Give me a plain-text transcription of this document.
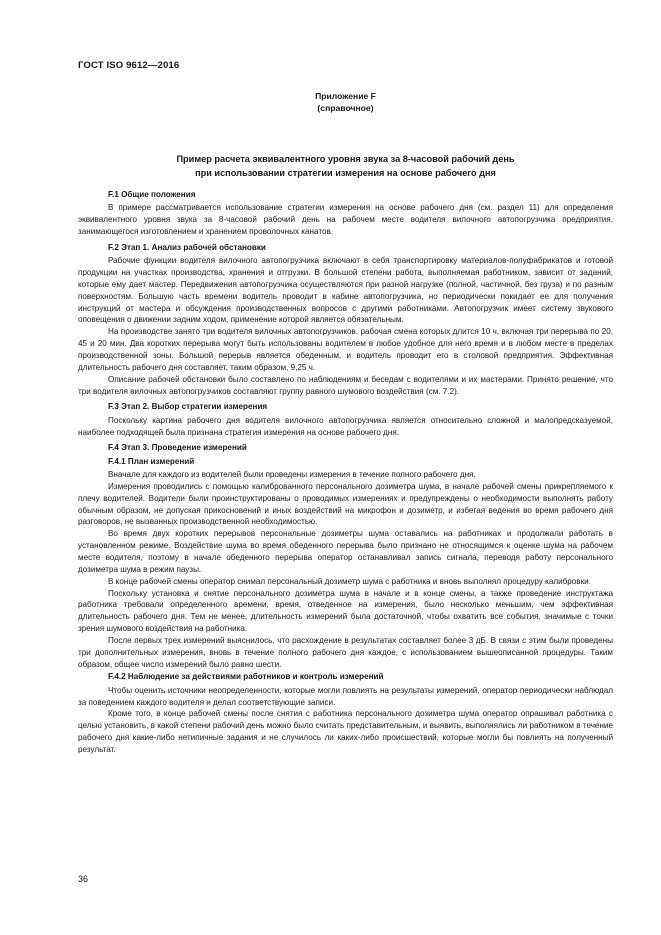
ГОСТ ISO 9612—2016
Приложение F
(справочное)
Пример расчета эквивалентного уровня звука за 8-часовой рабочий день
при использовании стратегии измерения на основе рабочего дня
F.1 Общие положения

В примере рассматривается использование стратегии измерения на основе рабочего дня (см. раздел 11) для определения эквивалентного уровня звука за 8-часовой рабочий день на рабочем месте водителя вилочного автопогрузчика предприятия, занимающегося изготовлением и хранением проволочных канатов.

F.2 Этап 1. Анализ рабочей обстановки

Рабочие функции водителя вилочного автопогрузчика включают в себя транспортировку материалов-полуфабрикатов и готовой продукции на участках производства, хранения и отгрузки. В большой степени работа, выполняемая работником, зависит от заданий, которые ему дает мастер. Передвижения автопогрузчика осуществляются при разной нагрузке (полной, частичной, без груза) и по разным поверхностям. Большую часть времени водитель проводит в кабине автопогрузчика, но периодически покидает ее для получения инструкций от мастера и обсуждения производственных вопросов с другими работниками. Автопогрузчик имеет систему звукового оповещения о движении задним ходом, применение которой является обязательным.

На производстве занято три водителя вилочных автопогрузчиков, рабочая смена которых длится 10 ч, включая три перерыва по 20, 45 и 20 мин. Два коротких перерыва могут быть использованы водителем в любое удобное для него время и в любом месте в пределах производственной зоны. Большой перерыв является обеденным, и водитель проводит его в столовой предприятия. Эффективная длительность рабочего дня составляет, таким образом, 9,25 ч.

Описание рабочей обстановки было составлено по наблюдениям и беседам с водителями и их мастерами. Принято решение, что три водителя вилочных автопогрузчиков составляют группу равного шумового воздействия (см. 7.2).

F.3 Этап 2. Выбор стратегии измерения

Поскольку картина рабочего дня водителя вилочного автопогрузчика является относительно сложной и малопредсказуемой, наиболее подходящей была признана стратегия измерения на основе рабочего дня.

F.4 Этап 3. Проведение измерений
F.4.1 План измерений

Вначале для каждого из водителей были проведены измерения в течение полного рабочего дня.

Измерения проводились с помощью калиброванного персонального дозиметра шума, в начале рабочей смены прикрепляемого к плечу водителей. Водители были проинструктированы о проводимых измерениях и предупреждены о необходимости выполнять работу обычным образом, не допуская прикосновений и иных воздействий на микрофон и дозиметр, и избегая ведения во время рабочего дня разговоров, не вызванных производственной необходимостью.

Во время двух коротких перерывов персональные дозиметры шума оставались на работниках и продолжали работать в установленном режиме. Воздействие шума во время обеденного перерыва было признано не относящимся к оценке шума на рабочем месте водителя, поэтому в начале обеденного перерыва оператор останавливал запись сигнала, переводя работу персонального дозиметра шума в режим паузы.

В конце рабочей смены оператор снимал персональный дозиметр шума с работника и вновь выполнял процедуру калибровки.

Поскольку установка и снятие персонального дозиметра шума в начале и в конце смены, а также проведение инструктажа работника требовали определенного времени, время, отведенное на измерения, было несколько меньшим, чем эффективная длительность рабочего дня. Тем не менее, длительность измерений была достаточной, чтобы охватить все события, значимые с точки зрения шумового воздействия на работника.

После первых трех измерений выяснилось, что расхождение в результатах составляет более 3 дБ. В связи с этим были проведены три дополнительных измерения, вновь в течение полного рабочего дня каждое, с использованием вышеописанной процедуры. Таким образом, общее число измерений было равно шести.

F.4.2 Наблюдение за действиями работников и контроль измерений

Чтобы оценить источники неопределенности, которые могли повлиять на результаты измерений, оператор периодически наблюдал за поведением каждого водителя и делал соответствующие записи.

Кроме того, в конце рабочей смены после снятия с работника персонального дозиметра шума оператор опрашивал работника с целью установить, в какой степени рабочий день можно было считать представительным, и выявить, выполнялись ли работником в течение рабочего дня какие-либо нетипичные задания и не случилось ли каких-либо происшествий, которые могли бы повлиять на полученный результат.

36
